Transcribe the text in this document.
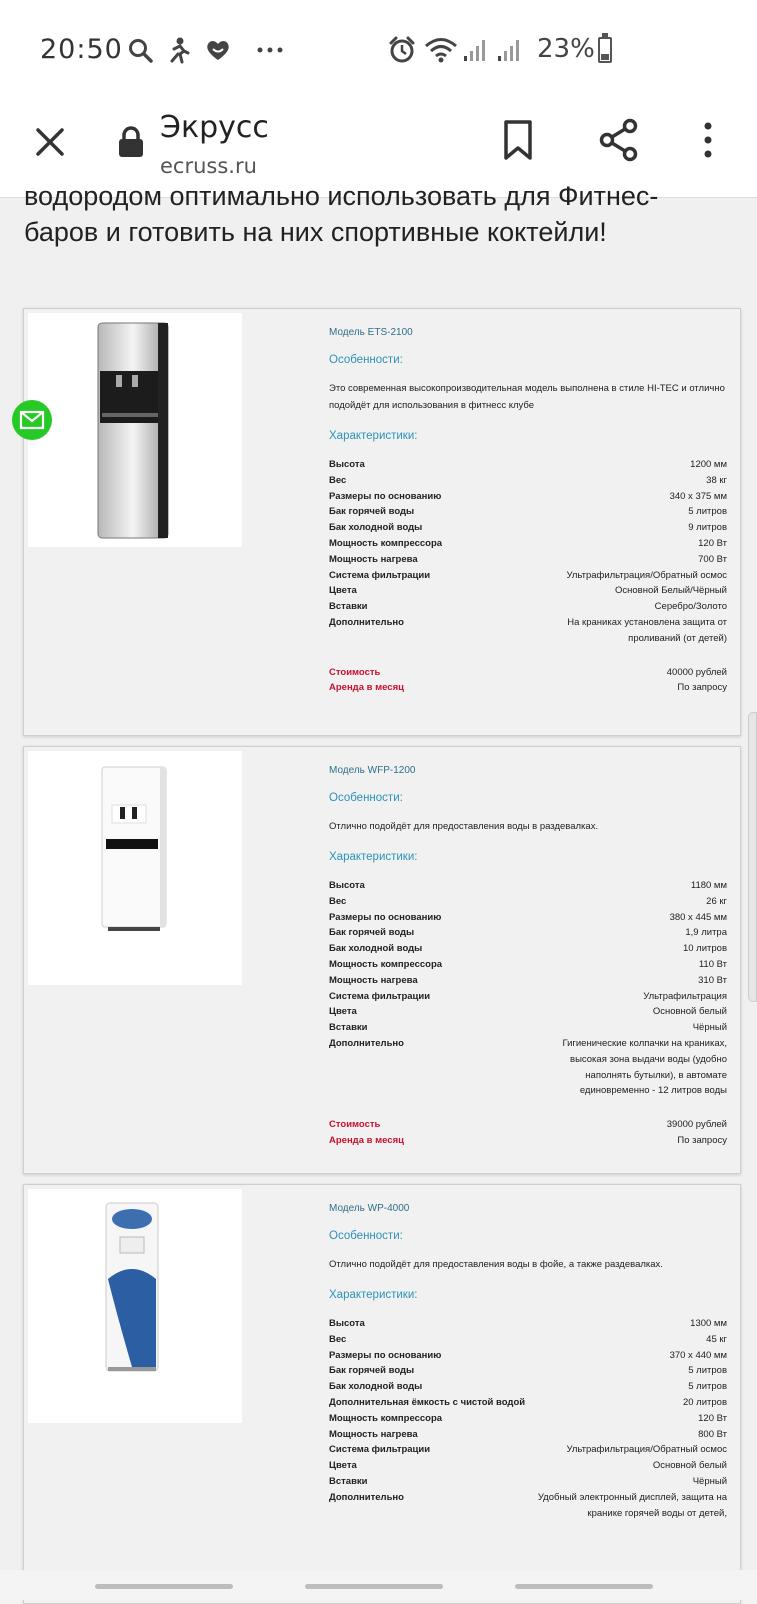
20:50	23%
Экрусс
ecruss.ru
водородом оптимально использовать для Фитнес-баров и готовить на них спортивные коктейли!
Модель ETS-2100
Особенности:
Это современная высокопроизводительная модель выполнена в стиле HI-TEC и отлично подойдёт для использования в фитнесс клубе
Характеристики:
Высота	1200 мм
Вес	38 кг
Размеры по основанию	340 х 375 мм
Бак горячей воды	5 литров
Бак холодной воды	9 литров
Мощность компрессора	120 Вт
Мощность нагрева	700 Вт
Система фильтрации	Ультрафильтрация/Обратный осмос
Цвета	Основной Белый/Чёрный
Вставки	Серебро/Золото
Дополнительно	На краниках установлена защита от проливаний (от детей)
Стоимость	40000 рублей
Аренда в месяц	По запросу
Модель WFP-1200
Особенности:
Отлично подойдёт для предоставления воды в раздевалках.
Характеристики:
Высота	1180 мм
Вес	26 кг
Размеры по основанию	380 х 445 мм
Бак горячей воды	1,9 литра
Бак холодной воды	10 литров
Мощность компрессора	110 Вт
Мощность нагрева	310 Вт
Система фильтрации	Ультрафильтрация
Цвета	Основной белый
Вставки	Чёрный
Дополнительно	Гигиенические колпачки на краниках, высокая зона выдачи воды (удобно наполнять бутылки), в автомате единовременно - 12 литров воды
Стоимость	39000 рублей
Аренда в месяц	По запросу
Модель WP-4000
Особенности:
Отлично подойдёт для предоставления воды в фойе, а также раздевалках.
Характеристики:
Высота	1300 мм
Вес	45 кг
Размеры по основанию	370 х 440 мм
Бак горячей воды	5 литров
Бак холодной воды	5 литров
Дополнительная ёмкость с чистой водой	20 литров
Мощность компрессора	120 Вт
Мощность нагрева	800 Вт
Система фильтрации	Ультрафильтрация/Обратный осмос
Цвета	Основной белый
Вставки	Чёрный
Дополнительно	Удобный электронный дисплей, защита на кранике горячей воды от детей,
